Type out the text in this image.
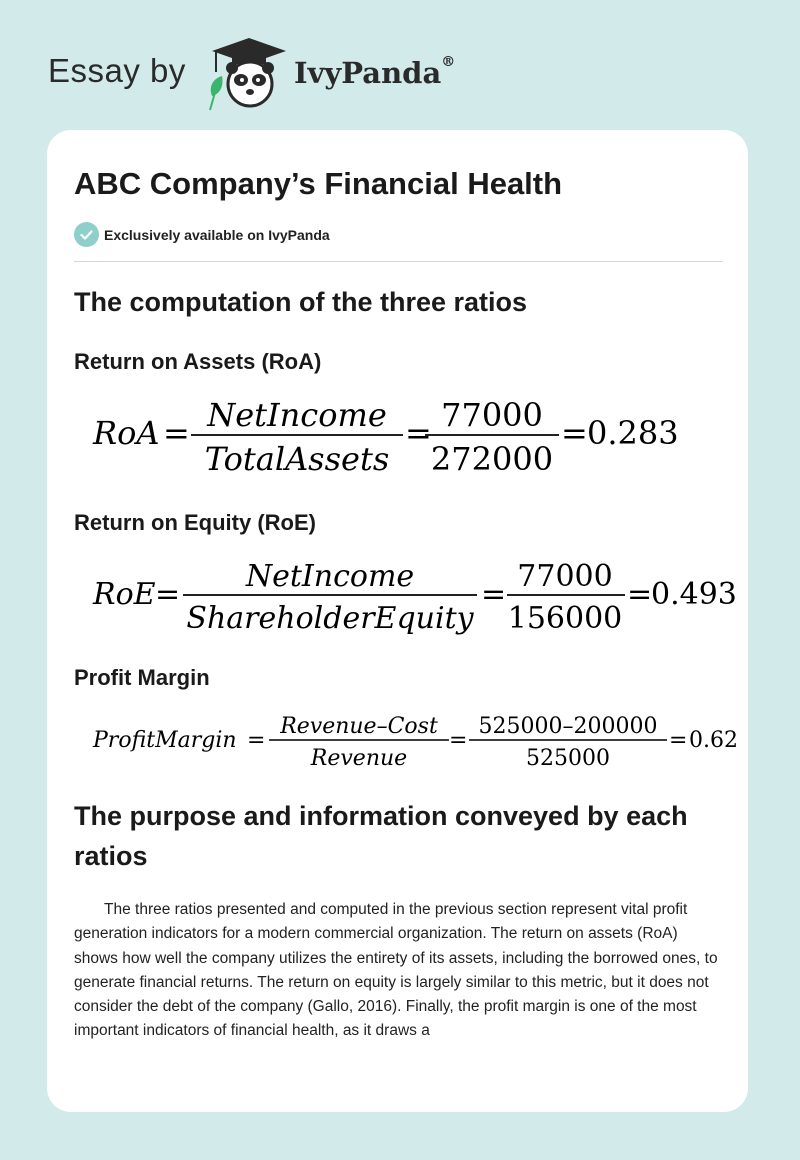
Essay by	IvyPanda®
ABC Company’s Financial Health
Exclusively available on IvyPanda
The computation of the three ratios
Return on Assets (RoA)
RoA = NetIncome
TotalAssets
= 77000
272000
= 0.283
Return on Equity (RoE)
RoE =
NetIncome
ShareholderEquity
=
77000
156000
=
0.493
Profit Margin
ProfitMargin =
Revenue–Cost
Revenue
=
525000–200000
525000
= 0.62
The purpose and information conveyed by each ratios

The three ratios presented and computed in the previous section represent vital profit generation indicators for a modern commercial organization. The return on assets (RoA) shows how well the company utilizes the entirety of its assets, including the borrowed ones, to generate financial returns. The return on equity is largely similar to this metric, but it does not consider the debt of the company (Gallo, 2016). Finally, the profit margin is one of the most important indicators of financial health, as it draws a
